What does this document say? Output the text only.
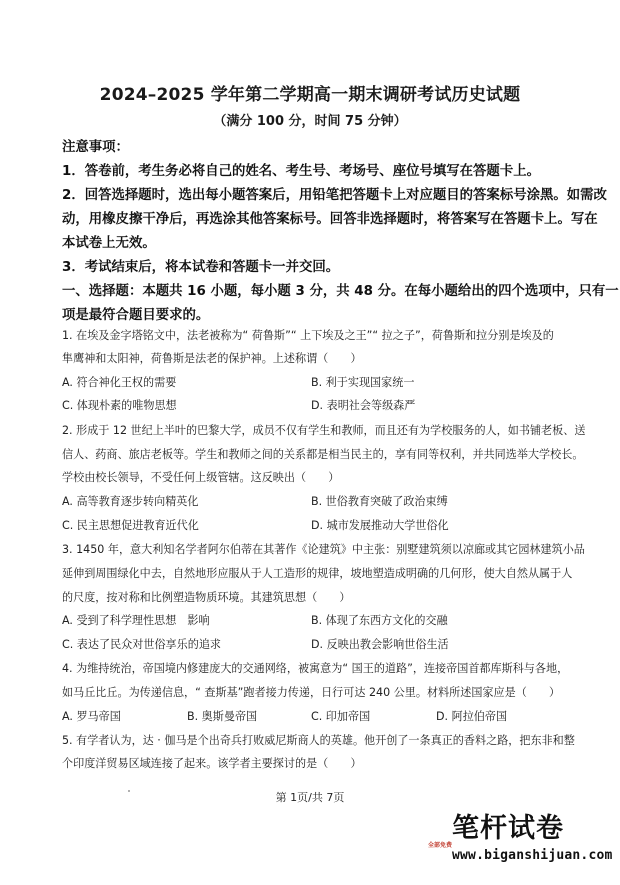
2024–2025 学年第二学期高一期末调研考试历史试题
（满分 100 分，时间 75 分钟）
注意事项：
1．答卷前，考生务必将自己的姓名、考生号、考场号、座位号填写在答题卡上。
2．回答选择题时，选出每小题答案后，用铅笔把答题卡上对应题目的答案标号涂黑。如需改
动，用橡皮擦干净后，再选涂其他答案标号。回答非选择题时，将答案写在答题卡上。写在
本试卷上无效。
3．考试结束后，将本试卷和答题卡一并交回。
一、选择题：本题共 16 小题，每小题 3 分，共 48 分。在每小题给出的四个选项中，只有一
项是最符合题目要求的。
1. 在埃及金字塔铭文中，法老被称为“ 荷鲁斯”“ 上下埃及之王”“ 拉之子”，荷鲁斯和拉分别是埃及的
隼鹰神和太阳神，荷鲁斯是法老的保护神。上述称谓（　　）
A. 符合神化王权的需要	B. 利于实现国家统一
C. 体现朴素的唯物思想	D. 表明社会等级森严
2. 形成于 12 世纪上半叶的巴黎大学，成员不仅有学生和教师，而且还有为学校服务的人，如书铺老板、送
信人、药商、旅店老板等。学生和教师之间的关系都是相当民主的，享有同等权利，并共同选举大学校长。
学校由校长领导，不受任何上级管辖。这反映出（　　）
A. 高等教育逐步转向精英化	B. 世俗教育突破了政治束缚
C. 民主思想促进教育近代化	D. 城市发展推动大学世俗化
3. 1450 年，意大利知名学者阿尔伯蒂在其著作《论建筑》中主张：别墅建筑须以凉廊或其它园林建筑小品
延伸到周围绿化中去，自然地形应服从于人工造形的规律，坡地塑造成明确的几何形，使大自然从属于人
的尺度，按对称和比例塑造物质环境。其建筑思想（　　）
A. 受到了科学理性思想　影响	B. 体现了东西方文化的交融
C. 表达了民众对世俗享乐的追求	D. 反映出教会影响世俗生活
4. 为维持统治，帝国境内修建庞大的交通网络，被寓意为“ 国王的道路”，连接帝国首都库斯科与各地，
如马丘比丘。为传递信息，“ 查斯基”跑者接力传递，日行可达 240 公里。材料所述国家应是（　　）
A. 罗马帝国	B. 奥斯曼帝国	C. 印加帝国	D. 阿拉伯帝国
5. 有学者认为，达 · 伽马是个出奇兵打败威尼斯商人的英雄。他开创了一条真正的香料之路，把东非和整
个印度洋贸易区域连接了起来。该学者主要探讨的是（　　）
第 1页/共 7页
全部免费
笔杆试卷
www.biganshijuan.com
